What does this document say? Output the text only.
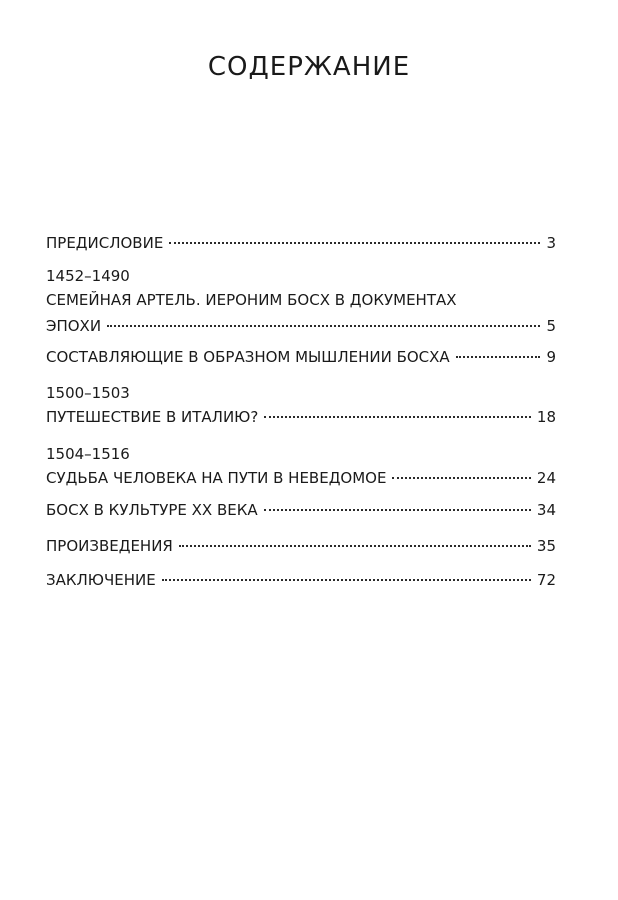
СОДЕРЖАНИЕ
ПРЕДИСЛОВИЕ	3
1452–1490
СЕМЕЙНАЯ АРТЕЛЬ. ИЕРОНИМ БОСХ В ДОКУМЕНТАХ
ЭПОХИ	5
СОСТАВЛЯЮЩИЕ В ОБРАЗНОМ МЫШЛЕНИИ БОСХА	9
1500–1503
ПУТЕШЕСТВИЕ В ИТАЛИЮ?	18
1504–1516
СУДЬБА ЧЕЛОВЕКА НА ПУТИ В НЕВЕДОМОЕ	24
БОСХ В КУЛЬТУРЕ XX ВЕКА	34
ПРОИЗВЕДЕНИЯ	35
ЗАКЛЮЧЕНИЕ	72
